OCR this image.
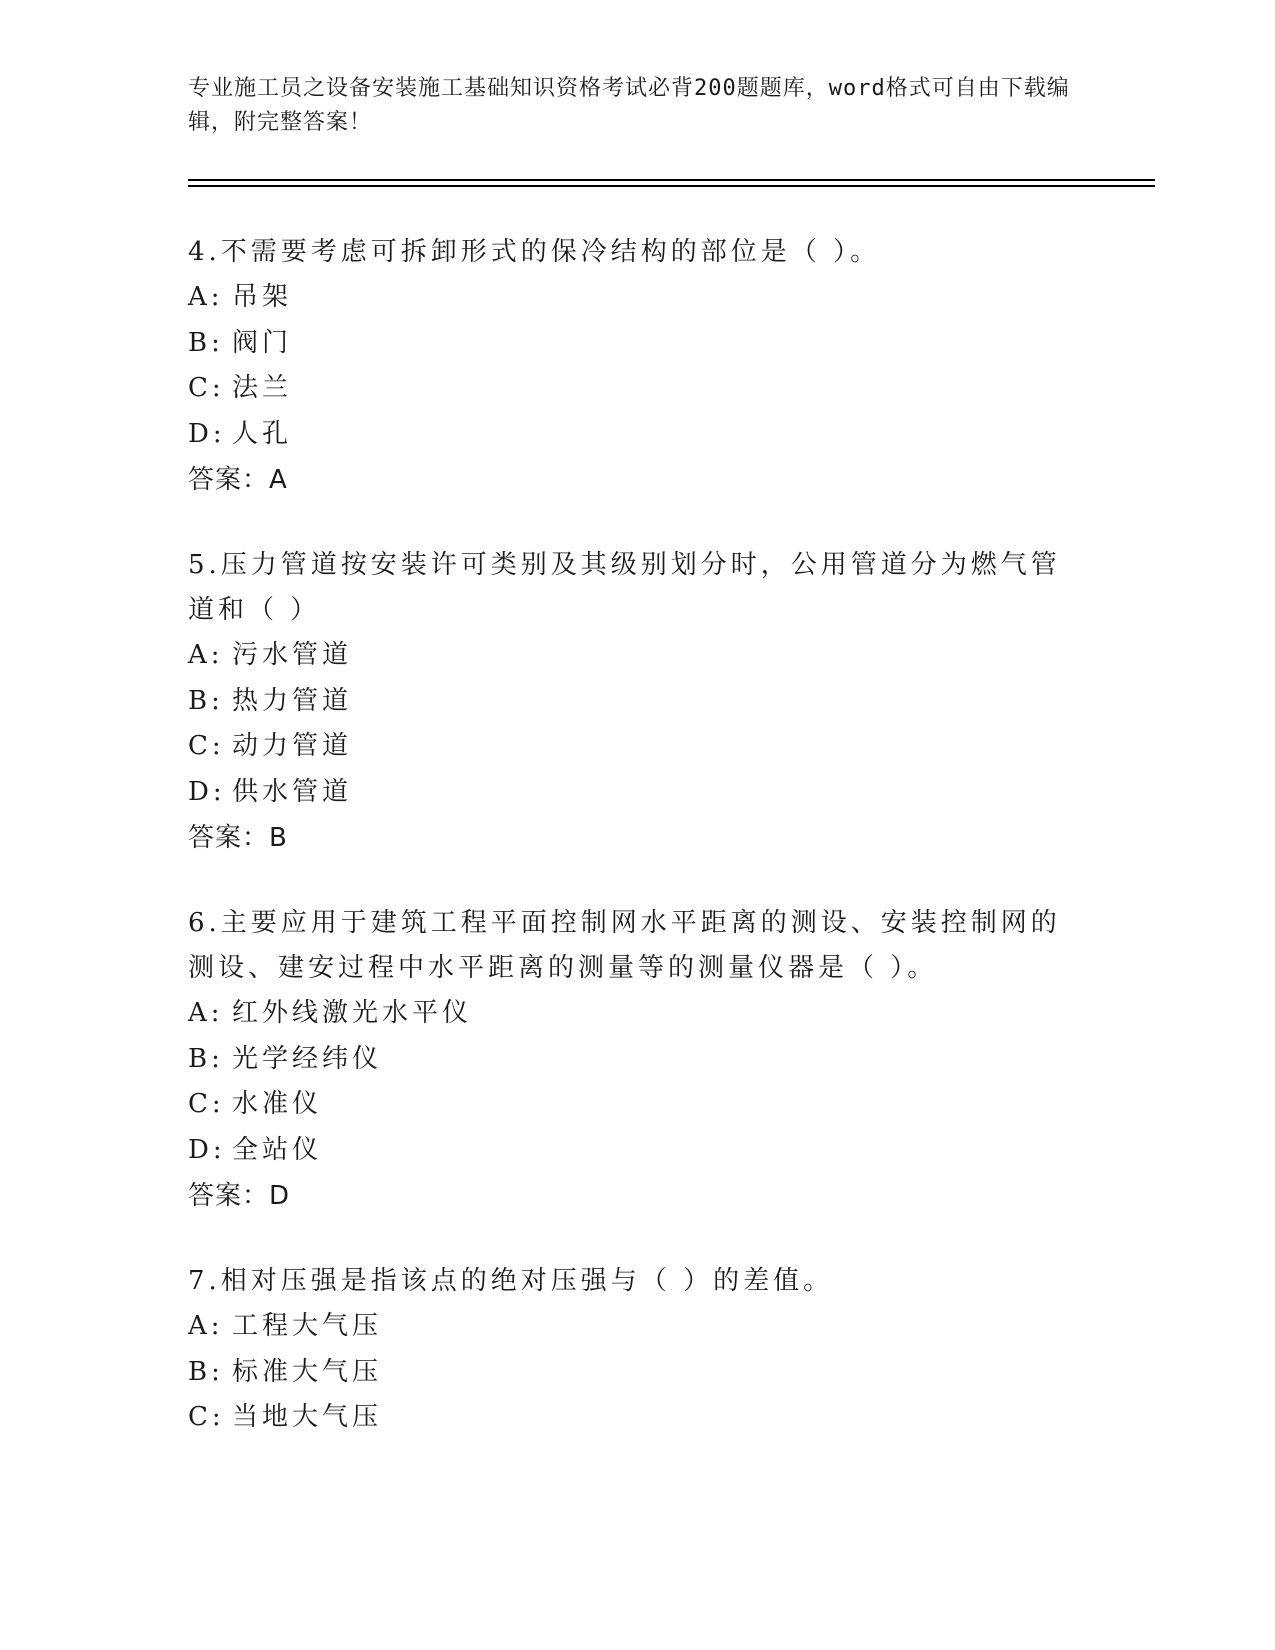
专业施工员之设备安装施工基础知识资格考试必背200题题库，word格式可自由下载编辑，附完整答案！
4.不需要考虑可拆卸形式的保冷结构的部位是（ ）。
A: 吊架
B: 阀门
C: 法兰
D: 人孔
答案：A
5.压力管道按安装许可类别及其级别划分时，公用管道分为燃气管道和（ ）
A: 污水管道
B: 热力管道
C: 动力管道
D: 供水管道
答案：B
6.主要应用于建筑工程平面控制网水平距离的测设、安装控制网的测设、建安过程中水平距离的测量等的测量仪器是（ ）。
A: 红外线激光水平仪
B: 光学经纬仪
C: 水准仪
D: 全站仪
答案：D
7.相对压强是指该点的绝对压强与（ ）的差值。
A: 工程大气压
B: 标准大气压
C: 当地大气压
